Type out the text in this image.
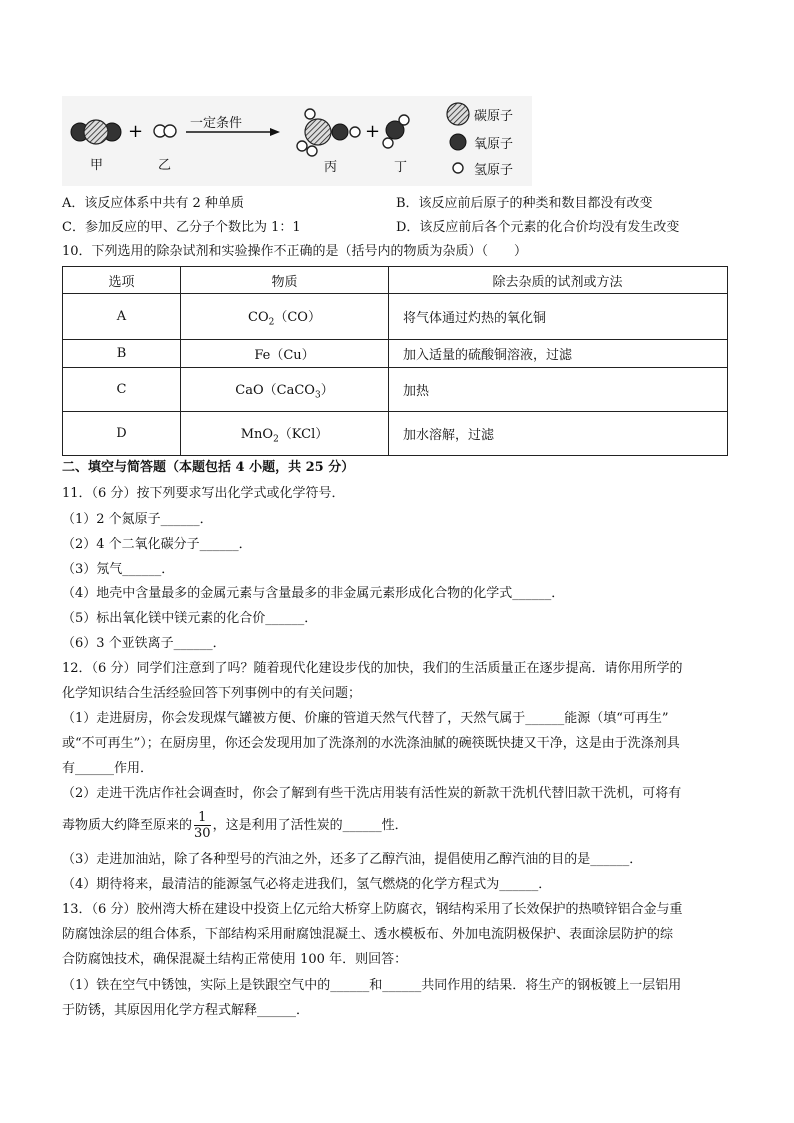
+	+
一定条件
甲	乙	丙	丁
碳原子
氧原子
氢原子
A．该反应体系中共有 2 种单质	B．该反应前后原子的种类和数目都没有改变
C．参加反应的甲、乙分子个数比为 1：1	D．该反应前后各个元素的化合价均没有发生改变
10．下列选用的除杂试剂和实验操作不正确的是（括号内的物质为杂质）（　　）
选项	物质	除去杂质的试剂或方法
A	$CO_2(CO)$	将气体通过灼热的氧化铜
B	Fe（Cu）	加入适量的硫酸铜溶液，过滤
C	CaO（CaCO$_3$）	加热
D	MnO$_2$（KCl）	加水溶解，过滤
二、填空与简答题（本题包括 4 小题，共 25 分）
11．（6 分）按下列要求写出化学式或化学符号．
（1）2 个氮原子______．
（2）4 个二氧化碳分子______．
（3）氖气______．
（4）地壳中含量最多的金属元素与含量最多的非金属元素形成化合物的化学式______．
（5）标出氧化镁中镁元素的化合价______．
（6）3 个亚铁离子______．
12．（6 分）同学们注意到了吗？随着现代化建设步伐的加快，我们的生活质量正在逐步提高．请你用所学的
化学知识结合生活经验回答下列事例中的有关问题；
（1）走进厨房，你会发现煤气罐被方便、价廉的管道天然气代替了，天然气属于______能源（填“可再生”
或“不可再生”）；在厨房里，你还会发现用加了洗涤剂的水洗涤油腻的碗筷既快捷又干净，这是由于洗涤剂具
有______作用．
（2）走进干洗店作社会调查时，你会了解到有些干洗店用装有活性炭的新款干洗机代替旧款干洗机，可将有
毒物质大约降至原来的 $\frac{1}{30}$ ，这是利用了活性炭的______性．
（3）走进加油站，除了各种型号的汽油之外，还多了乙醇汽油，提倡使用乙醇汽油的目的是______．
（4）期待将来，最清洁的能源氢气必将走进我们，氢气燃烧的化学方程式为______．
13．（6 分）胶州湾大桥在建设中投资上亿元给大桥穿上防腐衣，钢结构采用了长效保护的热喷锌铝合金与重
防腐蚀涂层的组合体系，下部结构采用耐腐蚀混凝土、透水模板布、外加电流阴极保护、表面涂层防护的综
合防腐蚀技术，确保混凝土结构正常使用 100 年．则回答：
（1）铁在空气中锈蚀，实际上是铁跟空气中的______和______共同作用的结果．将生产的钢板镀上一层铝用
于防锈，其原因用化学方程式解释______．
